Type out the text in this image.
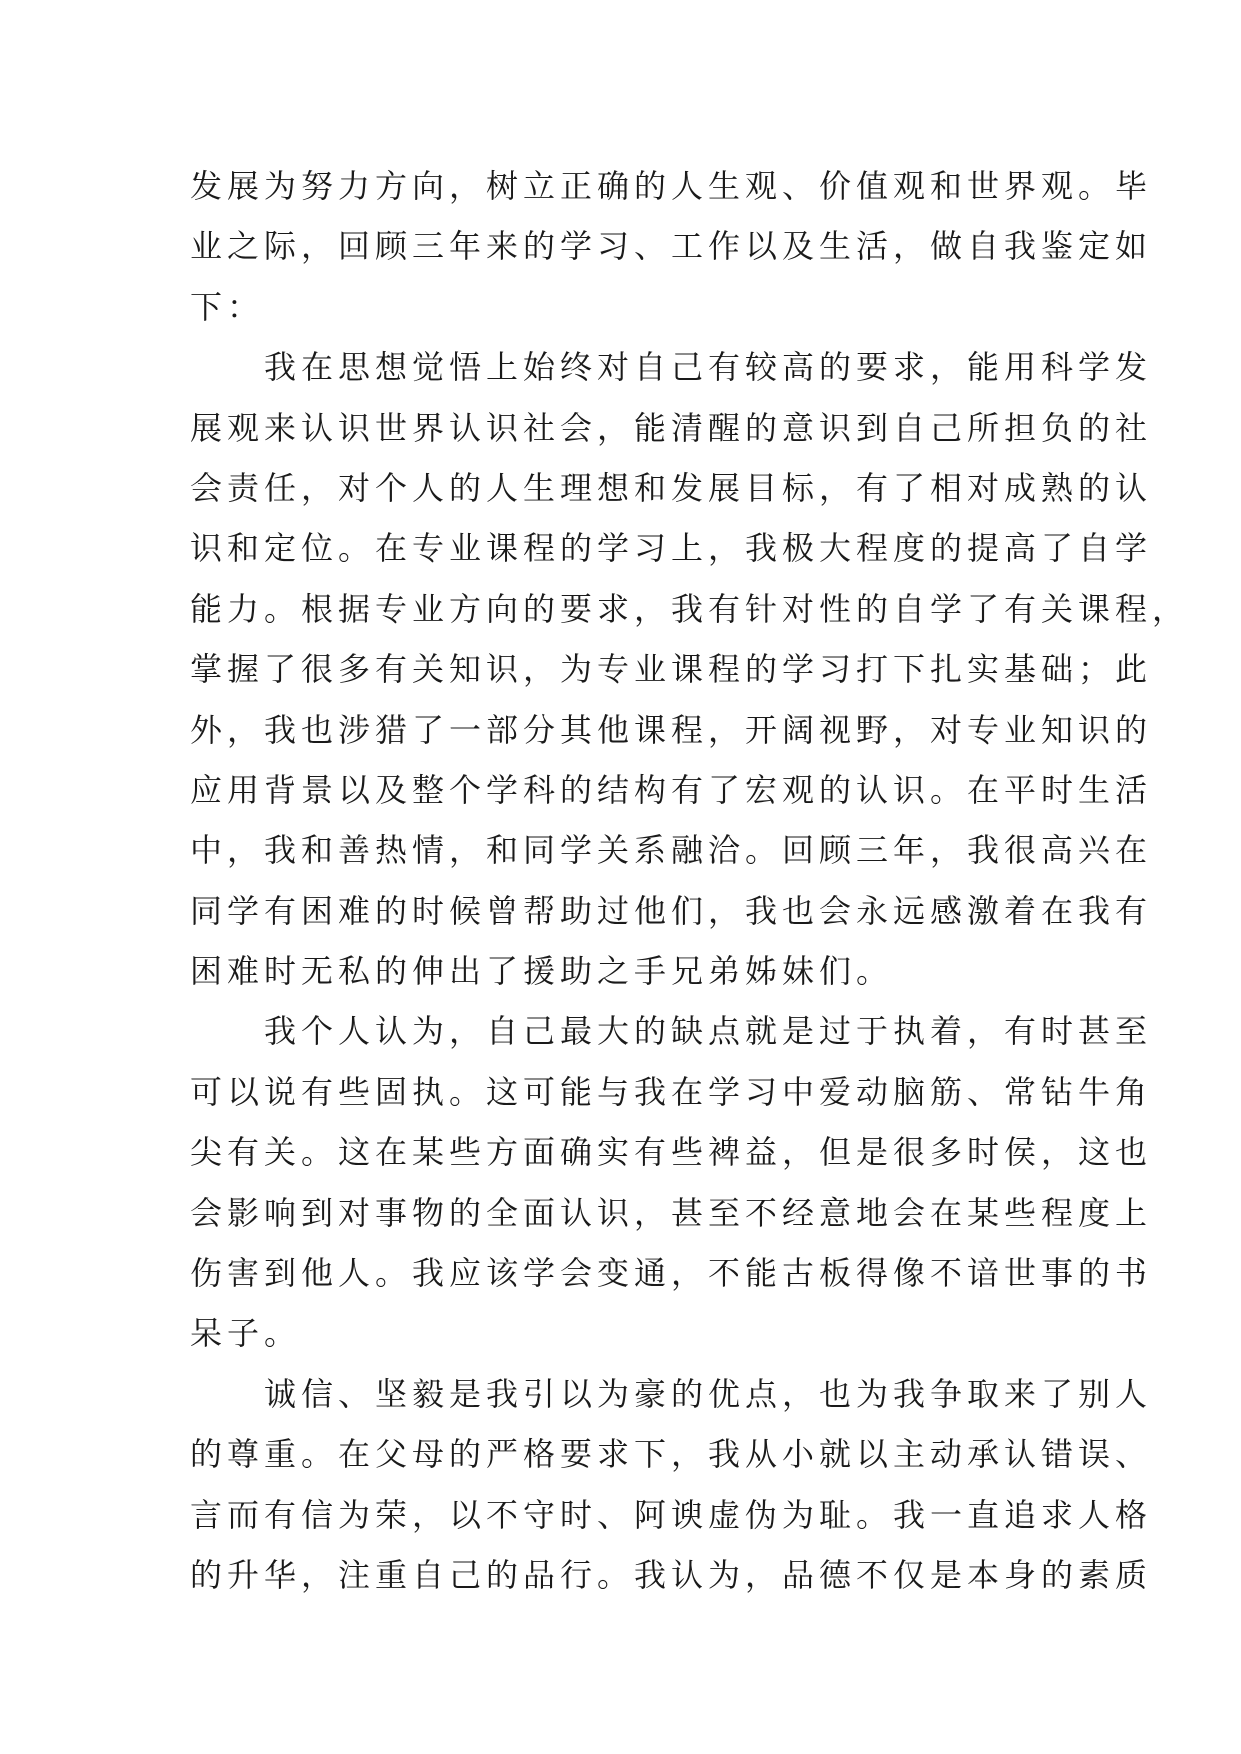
发展为努力方向，树立正确的人生观、价值观和世界观。毕
业之际，回顾三年来的学习、工作以及生活，做自我鉴定如
下：
　　我在思想觉悟上始终对自己有较高的要求，能用科学发
展观来认识世界认识社会，能清醒的意识到自己所担负的社
会责任，对个人的人生理想和发展目标，有了相对成熟的认
识和定位。在专业课程的学习上，我极大程度的提高了自学
能力。根据专业方向的要求，我有针对性的自学了有关课程，
掌握了很多有关知识，为专业课程的学习打下扎实基础；此
外，我也涉猎了一部分其他课程，开阔视野，对专业知识的
应用背景以及整个学科的结构有了宏观的认识。在平时生活
中，我和善热情，和同学关系融洽。回顾三年，我很高兴在
同学有困难的时候曾帮助过他们，我也会永远感激着在我有
困难时无私的伸出了援助之手兄弟姊妹们。
　　我个人认为，自己最大的缺点就是过于执着，有时甚至
可以说有些固执。这可能与我在学习中爱动脑筋、常钻牛角
尖有关。这在某些方面确实有些裨益，但是很多时侯，这也
会影响到对事物的全面认识，甚至不经意地会在某些程度上
伤害到他人。我应该学会变通，不能古板得像不谙世事的书
呆子。
　　诚信、坚毅是我引以为豪的优点，也为我争取来了别人
的尊重。在父母的严格要求下，我从小就以主动承认错误、
言而有信为荣，以不守时、阿谀虚伪为耻。我一直追求人格
的升华，注重自己的品行。我认为，品德不仅是本身的素质
